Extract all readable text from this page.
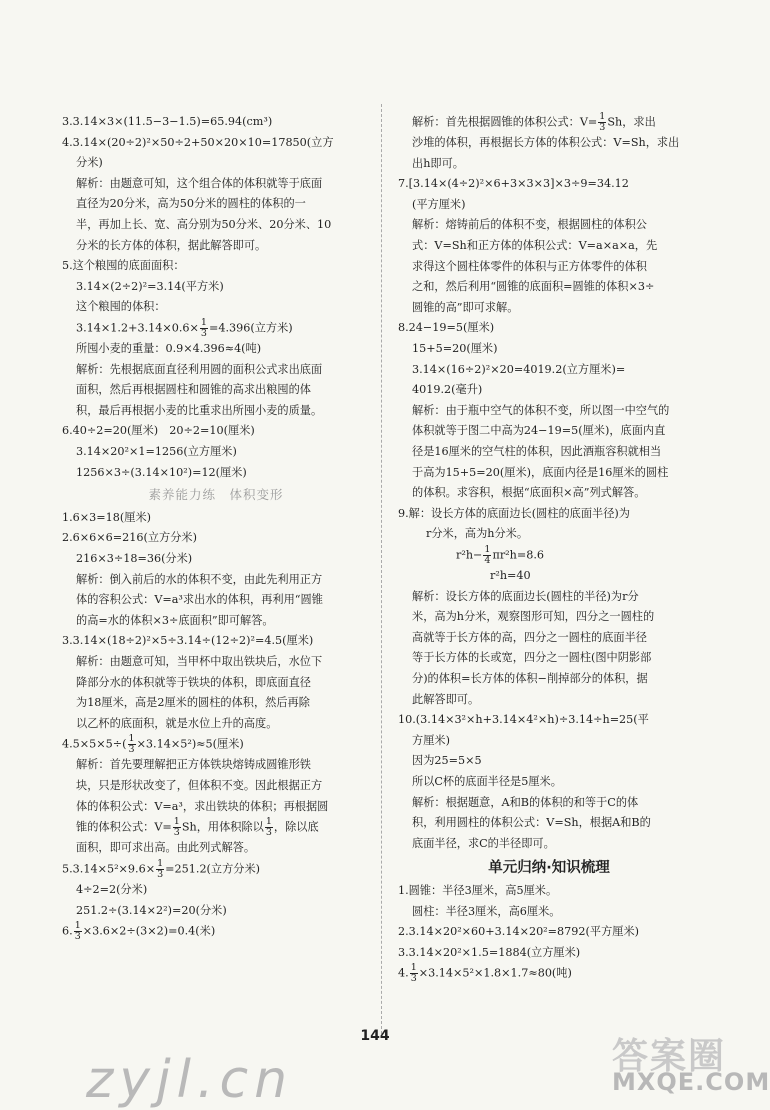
3.3.14×3×(11.5−3−1.5)=65.94(cm³)
4.3.14×(20÷2)²×50÷2+50×20×10=17850(立方
分米)
解析：由题意可知，这个组合体的体积就等于底面
直径为20分米，高为50分米的圆柱的体积的一
半，再加上长、宽、高分别为50分米、20分米、10
分米的长方体的体积，据此解答即可。
5.这个粮囤的底面面积：
3.14×(2÷2)²=3.14(平方米)
这个粮囤的体积：
$3.14\times 1.2+3.14\times 0.6\times \frac{1}{3} =4.396$(立方米)
所囤小麦的重量：0.9×4.396≈4(吨)
解析：先根据底面直径利用圆的面积公式求出底面
面积，然后再根据圆柱和圆锥的高求出粮囤的体
积，最后再根据小麦的比重求出所囤小麦的质量。
6.40÷2=20(厘米)　20÷2=10(厘米)
3.14×20²×1=1256(立方厘米)
1256×3÷(3.14×10²)=12(厘米)
素养能力练　体积变形
1.6×3=18(厘米)
2.6×6×6=216(立方分米)
216×3÷18=36(分米)
解析：倒入前后的水的体积不变，由此先利用正方
体的容积公式：V=a³求出水的体积，再利用“圆锥
的高=水的体积×3÷底面积”即可解答。
3.3.14×(18÷2)²×5÷3.14÷(12÷2)²=4.5(厘米)
解析：由题意可知，当甲杯中取出铁块后，水位下
降部分水的体积就等于铁块的体积，即底面直径
为18厘米，高是2厘米的圆柱的体积，然后再除
以乙杯的底面积，就是水位上升的高度。
$4.5\times 5\times 5\div( \frac{1}{3} \times 3.14\times 5^2)\approx 5$(厘米)
解析：首先要理解把正方体铁块熔铸成圆锥形铁
块，只是形状改变了，但体积不变。因此根据正方
体的体积公式：V=a³，求出铁块的体积；再根据圆
锥的体积公式：$V= \frac{1}{3}$ Sh，用体积除以 $\frac{1}{3}$ ，除以底
面积，即可求出高。由此列式解答。
$5.3.14\times 5^2\times 9.6\times \frac{1}{3} =251.2$(立方分米)
4÷2=2(分米)
251.2÷(3.14×2²)=20(分米)
6. $\frac{1}{3} \times 3.6\times 2\div(3\times 2)=0.4$(米)
解析：首先根据圆锥的体积公式：$V= \frac{1}{3}$ Sh，求出
沙堆的体积，再根据长方体的体积公式：V=Sh，求出
出h即可。
7.[3.14×(4÷2)²×6+3×3×3]×3÷9=34.12
(平方厘米)
解析：熔铸前后的体积不变，根据圆柱的体积公
式：V=Sh和正方体的体积公式：V=a×a×a，先
求得这个圆柱体零件的体积与正方体零件的体积
之和，然后利用“圆锥的底面积=圆锥的体积×3÷
圆锥的高”即可求解。
8.24−19=5(厘米)
15+5=20(厘米)
3.14×(16÷2)²×20=4019.2(立方厘米)=
4019.2(毫升)
解析：由于瓶中空气的体积不变，所以图一中空气的
体积就等于图二中高为24−19=5(厘米)，底面内直
径是16厘米的空气柱的体积，因此酒瓶容积就相当
于高为15+5=20(厘米)，底面内径是16厘米的圆柱
的体积。求容积，根据“底面积×高”列式解答。
9.解：设长方体的底面边长(圆柱的底面半径)为
r分米，高为h分米。
$r^2h- \frac{1}{4} \pi r^2h=8.6$
r²h=40
解析：设长方体的底面边长(圆柱的半径)为r分
米，高为h分米，观察图形可知，四分之一圆柱的
高就等于长方体的高，四分之一圆柱的底面半径
等于长方体的长或宽，四分之一圆柱(图中阴影部
分)的体积=长方体的体积−削掉部分的体积，据
此解答即可。
10.(3.14×3²×h+3.14×4²×h)÷3.14÷h=25(平
方厘米)
因为25=5×5
所以C杯的底面半径是5厘米。
解析：根据题意，A和B的体积的和等于C的体
积，利用圆柱的体积公式：V=Sh，根据A和B的
底面半径，求C的半径即可。
单元归纳·知识梳理
1.圆锥：半径3厘米，高5厘米。
圆柱：半径3厘米，高6厘米。
2.3.14×20²×60+3.14×20²=8792(平方厘米)
3.3.14×20²×1.5=1884(立方厘米)
4. $\frac{1}{3} \times 3.14\times 5^2\times 1.8\times 1.7\approx 80$(吨)
144
zyjl.cn	答案圈
MXQE.COM
